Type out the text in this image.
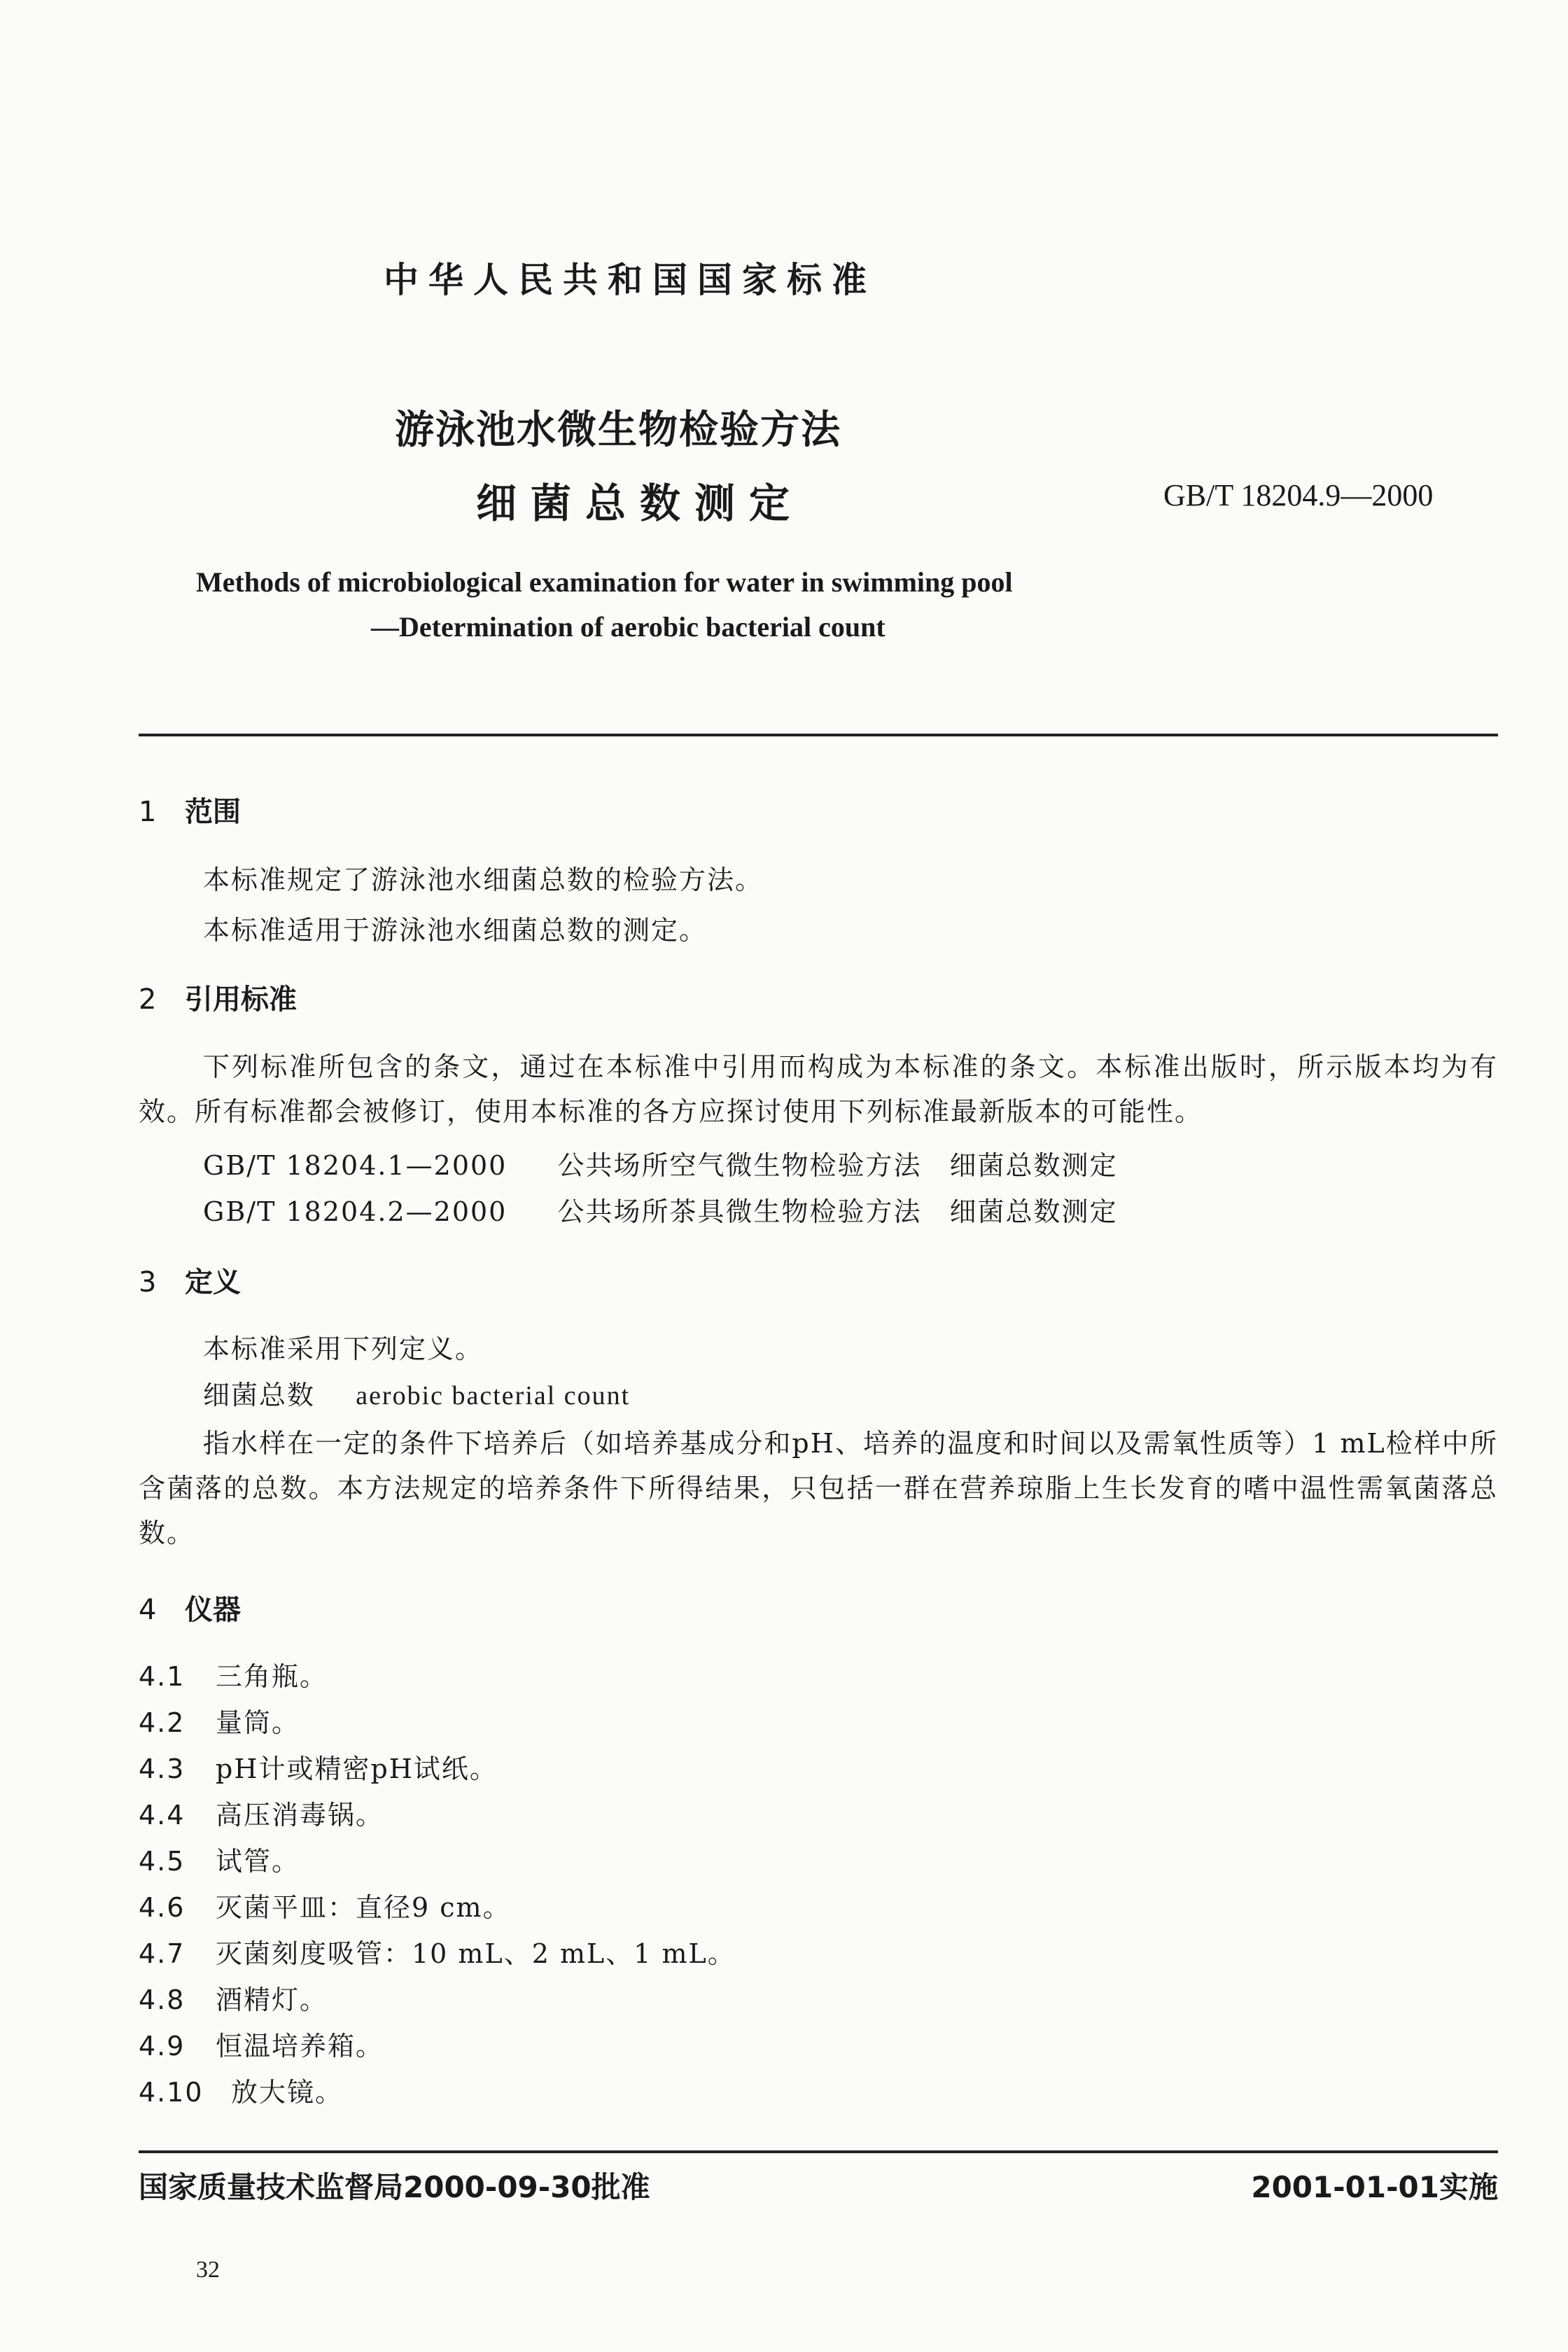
中华人民共和国国家标准
游泳池水微生物检验方法
细菌总数测定	GB/T 18204.9—2000
Methods of microbiological examination for water in swimming pool
—Determination of aerobic bacterial count
1 范围
本标准规定了游泳池水细菌总数的检验方法。
本标准适用于游泳池水细菌总数的测定。
2 引用标准
下列标准所包含的条文，通过在本标准中引用而构成为本标准的条文。本标准出版时，所示版本均为有效。所有标准都会被修订，使用本标准的各方应探讨使用下列标准最新版本的可能性。
GB/T 18204.1—2000 公共场所空气微生物检验方法　细菌总数测定
GB/T 18204.2—2000 公共场所茶具微生物检验方法　细菌总数测定
3 定义
本标准采用下列定义。
细菌总数 aerobic bacterial count
指水样在一定的条件下培养后（如培养基成分和pH、培养的温度和时间以及需氧性质等）1 mL检样中所含菌落的总数。本方法规定的培养条件下所得结果，只包括一群在营养琼脂上生长发育的嗜中温性需氧菌落总数。
4 仪器
4.1 三角瓶。
4.2 量筒。
4.3 pH计或精密pH试纸。
4.4 高压消毒锅。
4.5 试管。
4.6 灭菌平皿：直径9 cm。
4.7 灭菌刻度吸管：10 mL、2 mL、1 mL。
4.8 酒精灯。
4.9 恒温培养箱。
4.10 放大镜。
国家质量技术监督局2000-09-30批准	2001-01-01实施
32
